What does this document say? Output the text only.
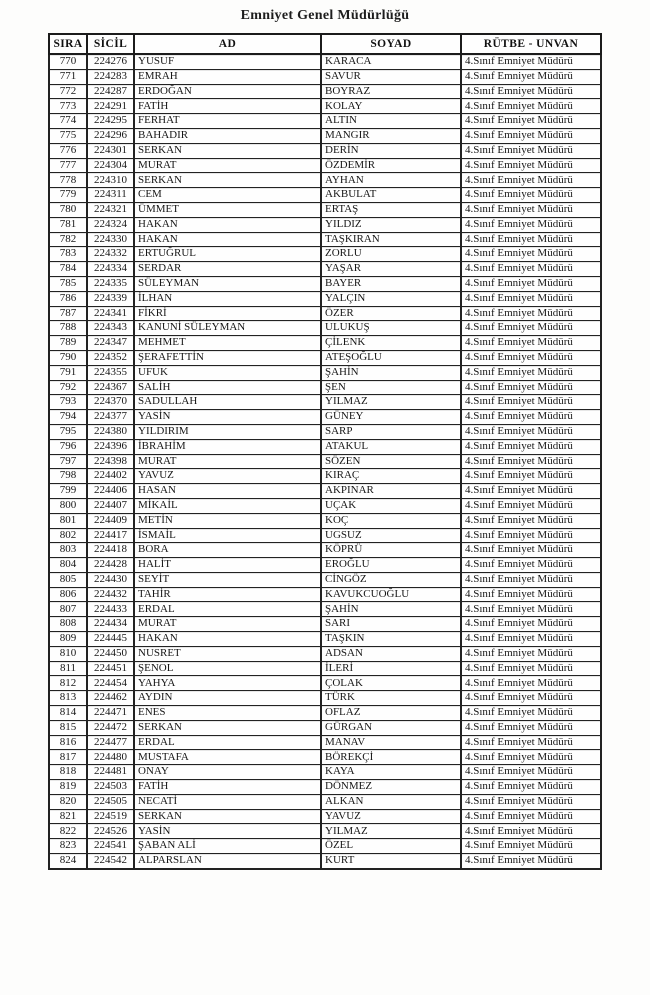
Emniyet Genel Müdürlüğü
SIRA	SİCİL	AD	SOYAD	RÜTBE - UNVAN
770	224276	YUSUF	KARACA	4.Sınıf Emniyet Müdürü
771	224283	EMRAH	SAVUR	4.Sınıf Emniyet Müdürü
772	224287	ERDOĞAN	BOYRAZ	4.Sınıf Emniyet Müdürü
773	224291	FATİH	KOLAY	4.Sınıf Emniyet Müdürü
774	224295	FERHAT	ALTIN	4.Sınıf Emniyet Müdürü
775	224296	BAHADIR	MANGIR	4.Sınıf Emniyet Müdürü
776	224301	SERKAN	DERİN	4.Sınıf Emniyet Müdürü
777	224304	MURAT	ÖZDEMİR	4.Sınıf Emniyet Müdürü
778	224310	SERKAN	AYHAN	4.Sınıf Emniyet Müdürü
779	224311	CEM	AKBULAT	4.Sınıf Emniyet Müdürü
780	224321	ÜMMET	ERTAŞ	4.Sınıf Emniyet Müdürü
781	224324	HAKAN	YILDIZ	4.Sınıf Emniyet Müdürü
782	224330	HAKAN	TAŞKIRAN	4.Sınıf Emniyet Müdürü
783	224332	ERTUĞRUL	ZORLU	4.Sınıf Emniyet Müdürü
784	224334	SERDAR	YAŞAR	4.Sınıf Emniyet Müdürü
785	224335	SÜLEYMAN	BAYER	4.Sınıf Emniyet Müdürü
786	224339	İLHAN	YALÇIN	4.Sınıf Emniyet Müdürü
787	224341	FİKRİ	ÖZER	4.Sınıf Emniyet Müdürü
788	224343	KANUNİ SÜLEYMAN	ULUKUŞ	4.Sınıf Emniyet Müdürü
789	224347	MEHMET	ÇİLENK	4.Sınıf Emniyet Müdürü
790	224352	ŞERAFETTİN	ATEŞOĞLU	4.Sınıf Emniyet Müdürü
791	224355	UFUK	ŞAHİN	4.Sınıf Emniyet Müdürü
792	224367	SALİH	ŞEN	4.Sınıf Emniyet Müdürü
793	224370	SADULLAH	YILMAZ	4.Sınıf Emniyet Müdürü
794	224377	YASİN	GÜNEY	4.Sınıf Emniyet Müdürü
795	224380	YILDIRIM	SARP	4.Sınıf Emniyet Müdürü
796	224396	İBRAHİM	ATAKUL	4.Sınıf Emniyet Müdürü
797	224398	MURAT	SÖZEN	4.Sınıf Emniyet Müdürü
798	224402	YAVUZ	KIRAÇ	4.Sınıf Emniyet Müdürü
799	224406	HASAN	AKPINAR	4.Sınıf Emniyet Müdürü
800	224407	MİKAİL	UÇAK	4.Sınıf Emniyet Müdürü
801	224409	METİN	KOÇ	4.Sınıf Emniyet Müdürü
802	224417	İSMAİL	UGSUZ	4.Sınıf Emniyet Müdürü
803	224418	BORA	KÖPRÜ	4.Sınıf Emniyet Müdürü
804	224428	HALİT	EROĞLU	4.Sınıf Emniyet Müdürü
805	224430	SEYİT	CİNGÖZ	4.Sınıf Emniyet Müdürü
806	224432	TAHİR	KAVUKCUOĞLU	4.Sınıf Emniyet Müdürü
807	224433	ERDAL	ŞAHİN	4.Sınıf Emniyet Müdürü
808	224434	MURAT	SARI	4.Sınıf Emniyet Müdürü
809	224445	HAKAN	TAŞKIN	4.Sınıf Emniyet Müdürü
810	224450	NUSRET	ADSAN	4.Sınıf Emniyet Müdürü
811	224451	ŞENOL	İLERİ	4.Sınıf Emniyet Müdürü
812	224454	YAHYA	ÇOLAK	4.Sınıf Emniyet Müdürü
813	224462	AYDIN	TÜRK	4.Sınıf Emniyet Müdürü
814	224471	ENES	OFLAZ	4.Sınıf Emniyet Müdürü
815	224472	SERKAN	GÜRGAN	4.Sınıf Emniyet Müdürü
816	224477	ERDAL	MANAV	4.Sınıf Emniyet Müdürü
817	224480	MUSTAFA	BÖREKÇİ	4.Sınıf Emniyet Müdürü
818	224481	ONAY	KAYA	4.Sınıf Emniyet Müdürü
819	224503	FATİH	DÖNMEZ	4.Sınıf Emniyet Müdürü
820	224505	NECATİ	ALKAN	4.Sınıf Emniyet Müdürü
821	224519	SERKAN	YAVUZ	4.Sınıf Emniyet Müdürü
822	224526	YASİN	YILMAZ	4.Sınıf Emniyet Müdürü
823	224541	ŞABAN ALİ	ÖZEL	4.Sınıf Emniyet Müdürü
824	224542	ALPARSLAN	KURT	4.Sınıf Emniyet Müdürü
